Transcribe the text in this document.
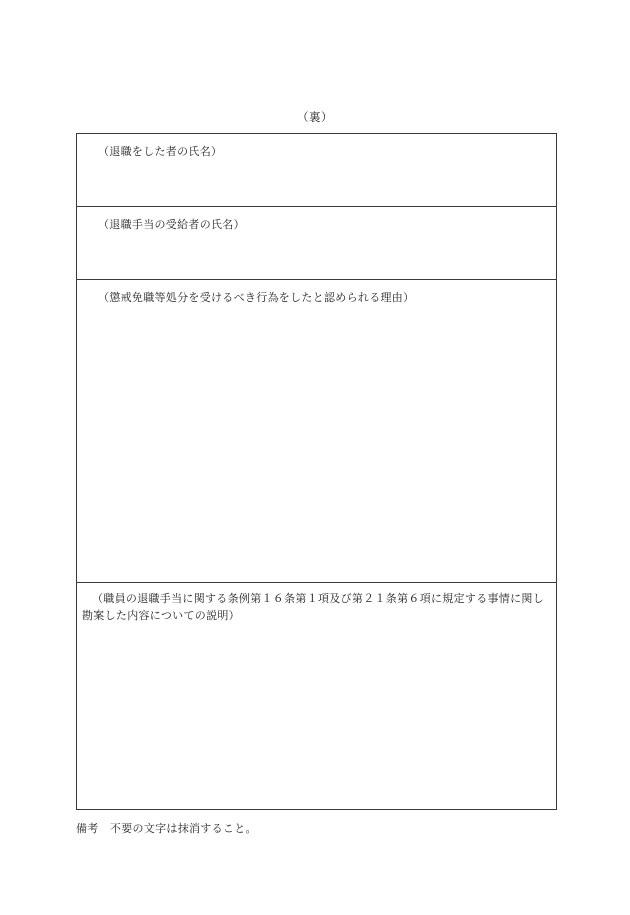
（裏）

（退職をした者の氏名）

（退職手当の受給者の氏名）

（懲戒免職等処分を受けるべき行為をしたと認められる理由）

（職員の退職手当に関する条例第１６条第１項及び第２１条第６項に規定する事情に関し勘案した内容についての説明）

備考　不要の文字は抹消すること。
